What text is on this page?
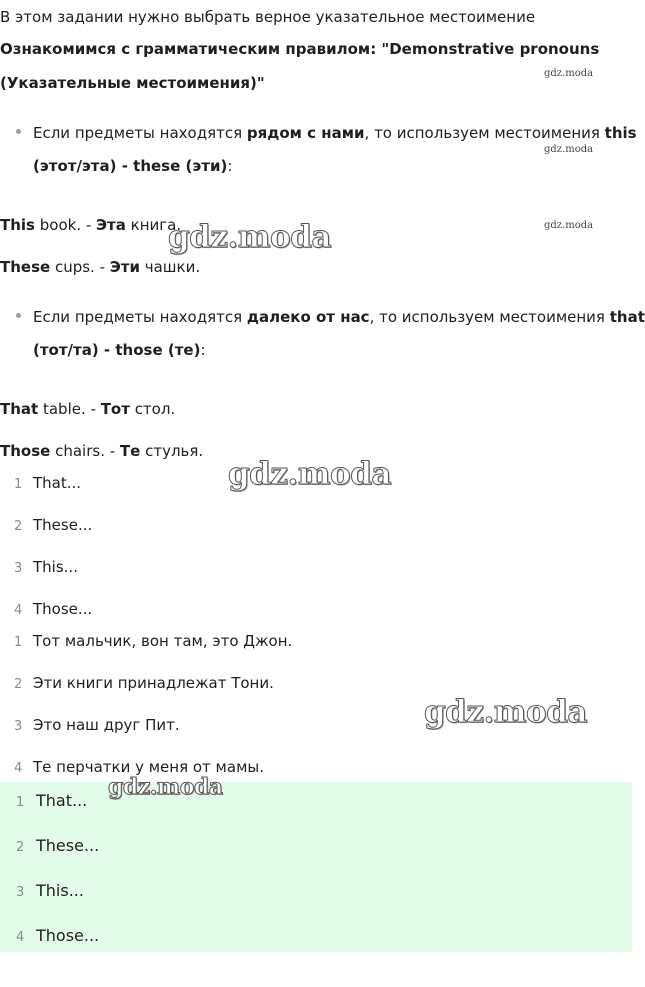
В этом задании нужно выбрать верное указательное местоимение
Ознакомимся с грамматическим правилом: "Demonstrative pronouns
(Указательные местоимения)"
Если предметы находятся рядом с нами, то используем местоимения this
(этот/эта) - these (эти):
This book. - Эта книга.
These cups. - Эти чашки.
Если предметы находятся далеко от нас, то используем местоимения that
(тот/та) - those (те):
That table. - Тот стол.
Those chairs. - Те стулья.
1 That...
2 These...
3 This...
4 Those...
1 Тот мальчик, вон там, это Джон.
2 Эти книги принадлежат Тони.
3 Это наш друг Пит.
4 Те перчатки у меня от мамы.
1 That...
2 These...
3 This...
4 Those...
gdz.moda
gdz.moda
gdz.moda
gdz.moda
gdz.moda
gdz.moda
gdz.moda
